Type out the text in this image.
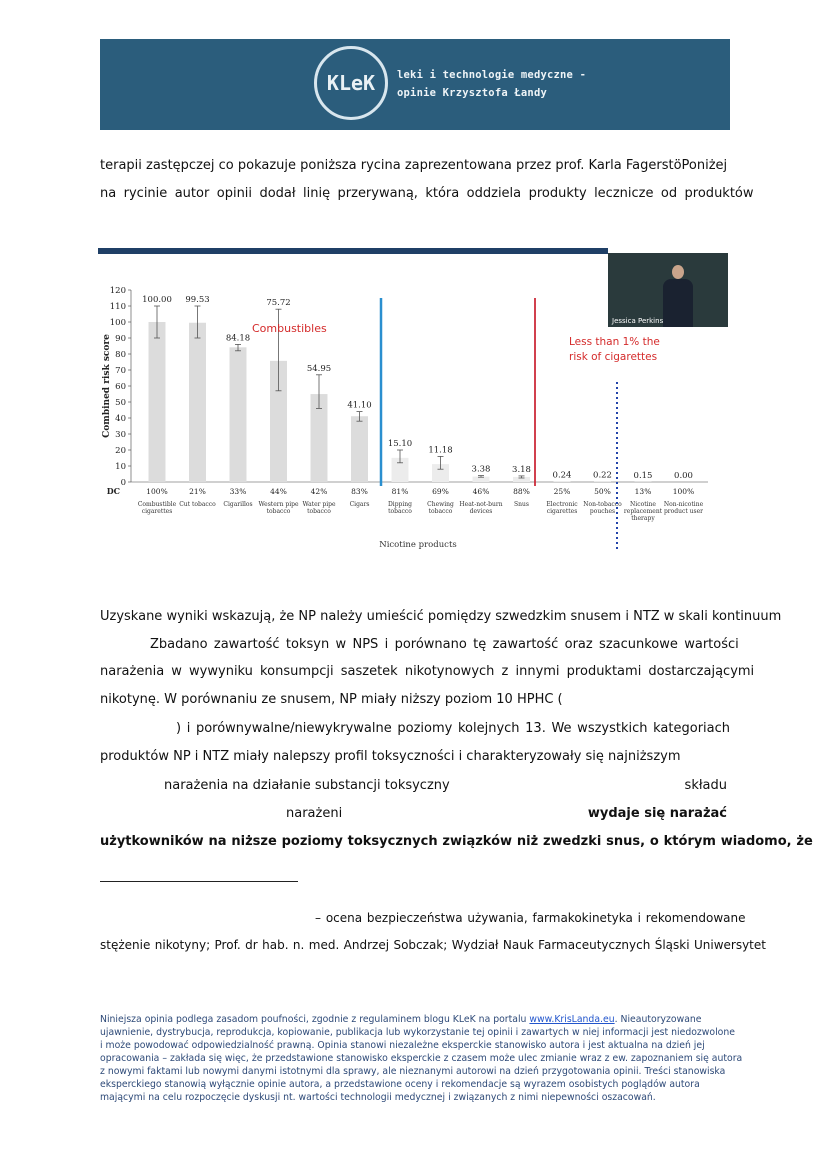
KLeK leki i technologie medyczne -
opinie Krzysztofa Łandy
terapii zastępczej co pokazuje poniższa rycina zaprezentowana przez prof. Karla Fagerstö Poniżej
na rycinie autor opinii dodał linię przerywaną, która oddziela produkty lecznicze od produktów
0
10
20
30
40
50
60
70
80
90
100
110
120
Combined risk score
100.00
100%
Combustible
cigarettes
99.53
21%
Cut tobacco
84.18
33%
Cigarillos
75.72
44%
Western pipe
tobacco
54.95
42%
Water pipe
tobacco
41.10
83%
Cigars
15.10
81%
Dipping
tobacco
11.18
69%
Chewing
tobacco
3.38
46%
Heat-not-burn
devices
3.18
88%
Snus
0.24
25%
Electronic
cigarettes
0.22
50%
Non-tobacco
pouches
0.15
13%
Nicotine
replacement
therapy
0.00
100%
Non-nicotine
product user
DC
Nicotine products
Combustibles
Less than 1% the
risk of cigarettes
Jessica Perkins
Uzyskane wyniki wskazują, że NP należy umieścić pomiędzy szwedzkim snusem i NTZ w skali kontinuum
Zbadano zawartość toksyn w NPS i porównano tę zawartość oraz szacunkowe wartości
narażenia w wywyniku konsumpcji saszetek nikotynowych z innymi produktami dostarczającymi
nikotynę. W porównaniu ze snusem, NP miały niższy poziom 10 HPHC (
) i porównywalne/niewykrywalne poziomy kolejnych 13. We wszystkich kategoriach
produktów NP i NTZ miały nalepszy profil toksyczności i charakteryzowały się najniższym
narażenia na działanie substancji toksyczny	składu
narażeni	wydaje się narażać
użytkowników na niższe poziomy toksycznych związków niż zwedzki snus, o którym wiadomo, że
– ocena bezpieczeństwa używania, farmakokinetyka i rekomendowane
stężenie nikotyny; Prof. dr hab. n. med. Andrzej Sobczak; Wydział Nauk Farmaceutycznych Śląski Uniwersytet
Niniejsza opinia podlega zasadom poufności, zgodnie z regulaminem blogu KLeK na portalu www.KrisLanda.eu. Nieautoryzowane
ujawnienie, dystrybucja, reprodukcja, kopiowanie, publikacja lub wykorzystanie tej opinii i zawartych w niej informacji jest niedozwolone
i może powodować odpowiedzialność prawną. Opinia stanowi niezależne eksperckie stanowisko autora i jest aktualna na dzień jej
opracowania – zakłada się więc, że przedstawione stanowisko eksperckie z czasem może ulec zmianie wraz z ew. zapoznaniem się autora
z nowymi faktami lub nowymi danymi istotnymi dla sprawy, ale nieznanymi autorowi na dzień przygotowania opinii. Treści stanowiska
eksperckiego stanowią wyłącznie opinie autora, a przedstawione oceny i rekomendacje są wyrazem osobistych poglądów autora
mającymi na celu rozpoczęcie dyskusji nt. wartości technologii medycznej i związanych z nimi niepewności oszacowań.
